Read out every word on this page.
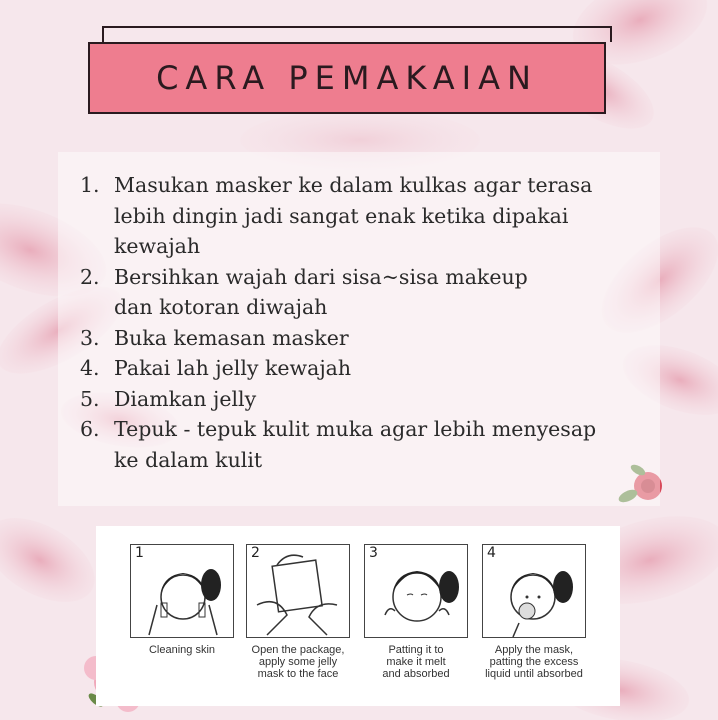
CARA PEMAKAIAN
1. Masukan masker ke dalam kulkas agar terasa
lebih dingin jadi sangat enak ketika dipakai
kewajah
2. Bersihkan wajah dari sisa~sisa makeup
dan kotoran diwajah
3. Buka kemasan masker
4. Pakai lah jelly kewajah
5. Diamkan jelly
6. Tepuk - tepuk kulit muka agar lebih menyesap
ke dalam kulit
1
Cleaning skin
2
Open the package,
apply some jelly
mask to the face
3
Patting it to
make it melt
and absorbed
4
Apply the mask,
patting the excess
liquid until absorbed
